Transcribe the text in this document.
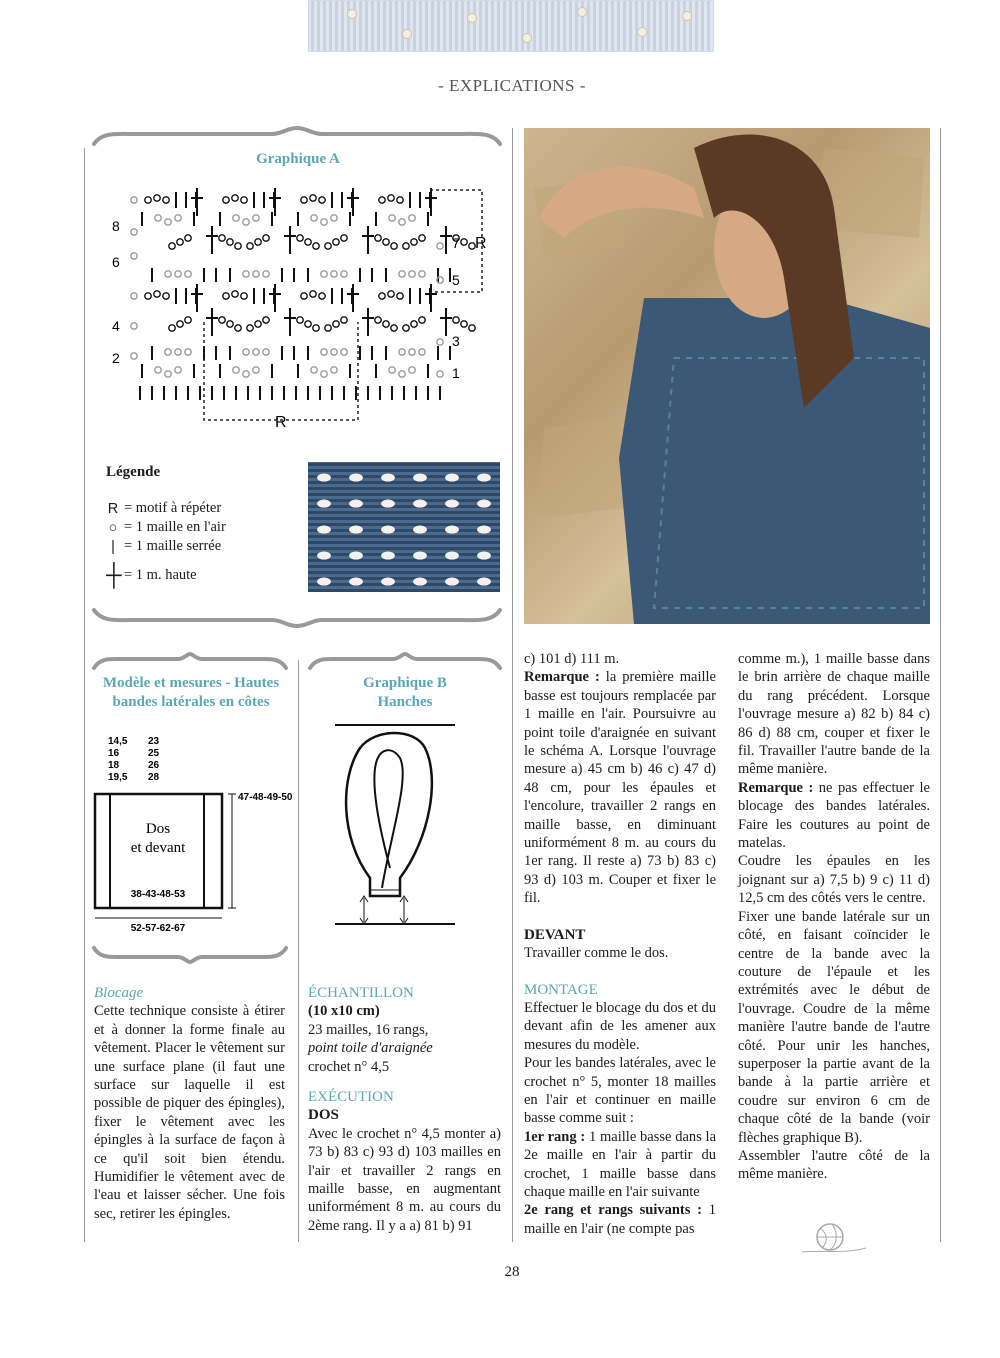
- EXPLICATIONS -
Graphique A
8
6
4
2
7
5
3
1
R
R
Légende
R = motif à répéter
○ = 1 maille en l'air
| = 1 maille serrée
┼ = 1 m. haute
Modèle et mesures - Hautes
bandes latérales en côtes
14,5
16
18
19,5
23
25
26
28
47-48-49-50
Dos
et devant
38-43-48-53
52-57-62-67
Graphique B
Hanches

Blocage

Cette technique consiste à étirer et à donner la forme finale au vêtement. Placer le vêtement sur une surface plane (il faut une surface sur laquelle il est possible de piquer des épingles), fixer le vêtement avec les épingles à la surface de façon à ce qu'il soit bien étendu. Humidifier le vêtement avec de l'eau et laisser sécher. Une fois sec, retirer les épingles.

ÉCHANTILLON

(10 x10 cm)

23 mailles, 16 rangs,

point toile d'araignée

crochet n° 4,5

EXÉCUTION

DOS

Avec le crochet n° 4,5 monter a) 73 b) 83 c) 93 d) 103 mailles en l'air et travailler 2 rangs en maille basse, en augmentant uniformément 8 m. au cours du 2ème rang. Il y a a) 81 b) 91

c) 101 d) 111 m.

Remarque : la première maille basse est toujours remplacée par 1 maille en l'air. Poursuivre au point toile d'araignée en suivant le schéma A. Lorsque l'ouvrage mesure a) 45 cm b) 46 c) 47 d) 48 cm, pour les épaules et l'encolure, travailler 2 rangs en maille basse, en diminuant uniformément 8 m. au cours du 1er rang. Il reste a) 73 b) 83 c) 93 d) 103 m. Couper et fixer le fil.

DEVANT

Travailler comme le dos.

MONTAGE

Effectuer le blocage du dos et du devant afin de les amener aux mesures du modèle.

Pour les bandes latérales, avec le crochet n° 5, monter 18 mailles en l'air et continuer en maille basse comme suit :

1er rang : 1 maille basse dans la 2e maille en l'air à partir du crochet, 1 maille basse dans chaque maille en l'air suivante

2e rang et rangs suivants : 1 maille en l'air (ne compte pas

comme m.), 1 maille basse dans le brin arrière de chaque maille du rang précédent. Lorsque l'ouvrage mesure a) 82 b) 84 c) 86 d) 88 cm, couper et fixer le fil. Travailler l'autre bande de la même manière.

Remarque : ne pas effectuer le blocage des bandes latérales. Faire les coutures au point de matelas.

Coudre les épaules en les joignant sur a) 7,5 b) 9 c) 11 d) 12,5 cm des côtés vers le centre.

Fixer une bande latérale sur un côté, en faisant coïncider le centre de la bande avec la couture de l'épaule et les extrémités avec le début de l'ouvrage. Coudre de la même manière l'autre bande de l'autre côté. Pour unir les hanches, superposer la partie avant de la bande à la partie arrière et coudre sur environ 6 cm de chaque côté de la bande (voir flèches graphique B).

Assembler l'autre côté de la même manière.

28
